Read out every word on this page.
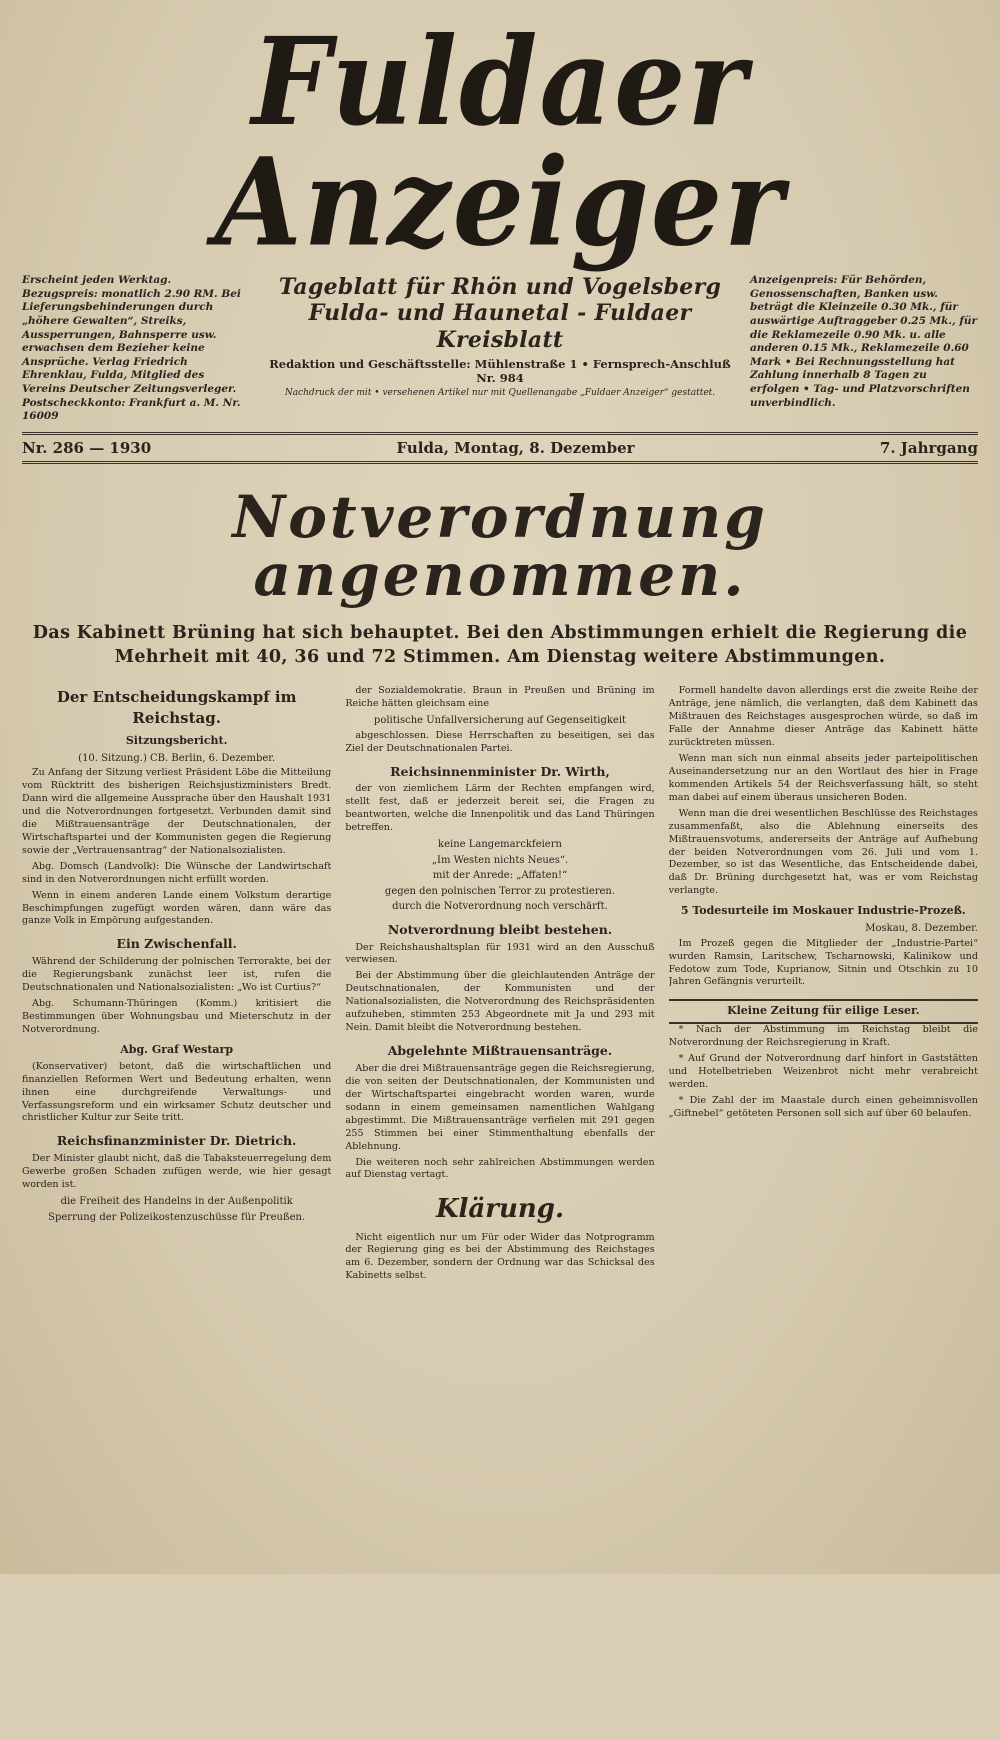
Fuldaer Anzeiger
Erscheint jeden Werktag. Bezugspreis: monatlich 2.90 RM. Bei Lieferungsbehinderungen durch „höhere Gewalten“, Streiks, Aussperrungen, Bahnsperre usw. erwachsen dem Bezieher keine Ansprüche. Verlag Friedrich Ehrenklau, Fulda, Mitglied des Vereins Deutscher Zeitungsverleger. Postscheckkonto: Frankfurt a. M. Nr. 16009
Tageblatt für Rhön und Vogelsberg
Fulda- und Haunetal - Fuldaer Kreisblatt
Redaktion und Geschäftsstelle: Mühlenstraße 1 • Fernsprech-Anschluß Nr. 984
Nachdruck der mit • versehenen Artikel nur mit Quellenangabe „Fuldaer Anzeiger“ gestattet.
Anzeigenpreis: Für Behörden, Genossenschaften, Banken usw. beträgt die Kleinzeile 0.30 Mk., für auswärtige Auftraggeber 0.25 Mk., für die Reklamezeile 0.90 Mk. u. alle anderen 0.15 Mk., Reklamezeile 0.60 Mark • Bei Rechnungsstellung hat Zahlung innerhalb 8 Tagen zu erfolgen • Tag- und Platzvorschriften unverbindlich.
Nr. 286 — 1930	Fulda, Montag, 8. Dezember	7. Jahrgang
Notverordnung angenommen.
Das Kabinett Brüning hat sich behauptet. Bei den Abstimmungen erhielt die Regierung die Mehrheit mit 40, 36 und 72 Stimmen. Am Dienstag weitere Abstimmungen.
Der Entscheidungskampf im Reichstag.
Sitzungsbericht.
(10. Sitzung.) CB. Berlin, 6. Dezember.

Zu Anfang der Sitzung verliest Präsident Löbe die Mitteilung vom Rücktritt des bisherigen Reichsjustizministers Bredt. Dann wird die allgemeine Aussprache über den Haushalt 1931 und die Notverordnungen fortgesetzt. Verbunden damit sind die Mißtrauensanträge der Deutschnationalen, der Wirtschaftspartei und der Kommunisten gegen die Regierung sowie der „Vertrauensantrag“ der Nationalsozialisten.

Abg. Domsch (Landvolk): Die Wünsche der Landwirtschaft sind in den Notverordnungen nicht erfüllt worden.

Wenn in einem anderen Lande einem Volkstum derartige Beschimpfungen zugefügt worden wären, dann wäre das ganze Volk in Empörung aufgestanden.

Ein Zwischenfall.

Während der Schilderung der polnischen Terrorakte, bei der die Regierungsbank zunächst leer ist, rufen die Deutschnationalen und Nationalsozialisten: „Wo ist Curtius?“

Abg. Schumann-Thüringen (Komm.) kritisiert die Bestimmungen über Wohnungsbau und Mieterschutz in der Notverordnung.

Abg. Graf Westarp

(Konservativer) betont, daß die wirtschaftlichen und finanziellen Reformen Wert und Bedeutung erhalten, wenn ihnen eine durchgreifende Verwaltungs- und Verfassungsreform und ein wirksamer Schutz deutscher und christlicher Kultur zur Seite tritt.

Reichsfinanzminister Dr. Dietrich.

Der Minister glaubt nicht, daß die Tabaksteuerregelung dem Gewerbe großen Schaden zufügen werde, wie hier gesagt worden ist.

die Freiheit des Handelns in der Außenpolitik
Sperrung der Polizeikostenzuschüsse für Preußen.

der Sozialdemokratie. Braun in Preußen und Brüning im Reiche hätten gleichsam eine

politische Unfallversicherung auf Gegenseitigkeit

abgeschlossen. Diese Herrschaften zu beseitigen, sei das Ziel der Deutschnationalen Partei.

Reichsinnenminister Dr. Wirth,

der von ziemlichem Lärm der Rechten empfangen wird, stellt fest, daß er jederzeit bereit sei, die Fragen zu beantworten, welche die Innenpolitik und das Land Thüringen betreffen.

keine Langemarckfeiern
„Im Westen nichts Neues“.
mit der Anrede: „Affaten!“
gegen den polnischen Terror zu protestieren.
durch die Notverordnung noch verschärft.
Notverordnung bleibt bestehen.

Der Reichshaushaltsplan für 1931 wird an den Ausschuß verwiesen.

Bei der Abstimmung über die gleichlautenden Anträge der Deutschnationalen, der Kommunisten und der Nationalsozialisten, die Notverordnung des Reichspräsidenten aufzuheben, stimmten 253 Abgeordnete mit Ja und 293 mit Nein. Damit bleibt die Notverordnung bestehen.

Abgelehnte Mißtrauensanträge.

Aber die drei Mißtrauensanträge gegen die Reichsregierung, die von seiten der Deutschnationalen, der Kommunisten und der Wirtschaftspartei eingebracht worden waren, wurde sodann in einem gemeinsamen namentlichen Wahlgang abgestimmt. Die Mißtrauensanträge verfielen mit 291 gegen 255 Stimmen bei einer Stimmenthaltung ebenfalls der Ablehnung.

Die weiteren noch sehr zahlreichen Abstimmungen werden auf Dienstag vertagt.

Klärung.

Nicht eigentlich nur um Für oder Wider das Notprogramm der Regierung ging es bei der Abstimmung des Reichstages am 6. Dezember, sondern der Ordnung war das Schicksal des Kabinetts selbst.

Formell handelte davon allerdings erst die zweite Reihe der Anträge, jene nämlich, die verlangten, daß dem Kabinett das Mißtrauen des Reichstages ausgesprochen würde, so daß im Falle der Annahme dieser Anträge das Kabinett hätte zurücktreten müssen.

Wenn man sich nun einmal abseits jeder parteipolitischen Auseinandersetzung nur an den Wortlaut des hier in Frage kommenden Artikels 54 der Reichsverfassung hält, so steht man dabei auf einem überaus unsicheren Boden.

Wenn man die drei wesentlichen Beschlüsse des Reichstages zusammenfaßt, also die Ablehnung einerseits des Mißtrauensvotums, andererseits der Anträge auf Aufhebung der beiden Notverordnungen vom 26. Juli und vom 1. Dezember, so ist das Wesentliche, das Entscheidende dabei, daß Dr. Brüning durchgesetzt hat, was er vom Reichstag verlangte.

5 Todesurteile im Moskauer Industrie-Prozeß.
Moskau, 8. Dezember.

Im Prozeß gegen die Mitglieder der „Industrie-Partei“ wurden Ramsin, Laritschew, Tscharnowski, Kalinikow und Fedotow zum Tode, Kuprianow, Sitnin und Otschkin zu 10 Jahren Gefängnis verurteilt.

Kleine Zeitung für eilige Leser.

* Nach der Abstimmung im Reichstag bleibt die Notverordnung der Reichsregierung in Kraft.

* Auf Grund der Notverordnung darf hinfort in Gaststätten und Hotelbetrieben Weizenbrot nicht mehr verabreicht werden.

* Die Zahl der im Maastale durch einen geheimnisvollen „Giftnebel“ getöteten Personen soll sich auf über 60 belaufen.
